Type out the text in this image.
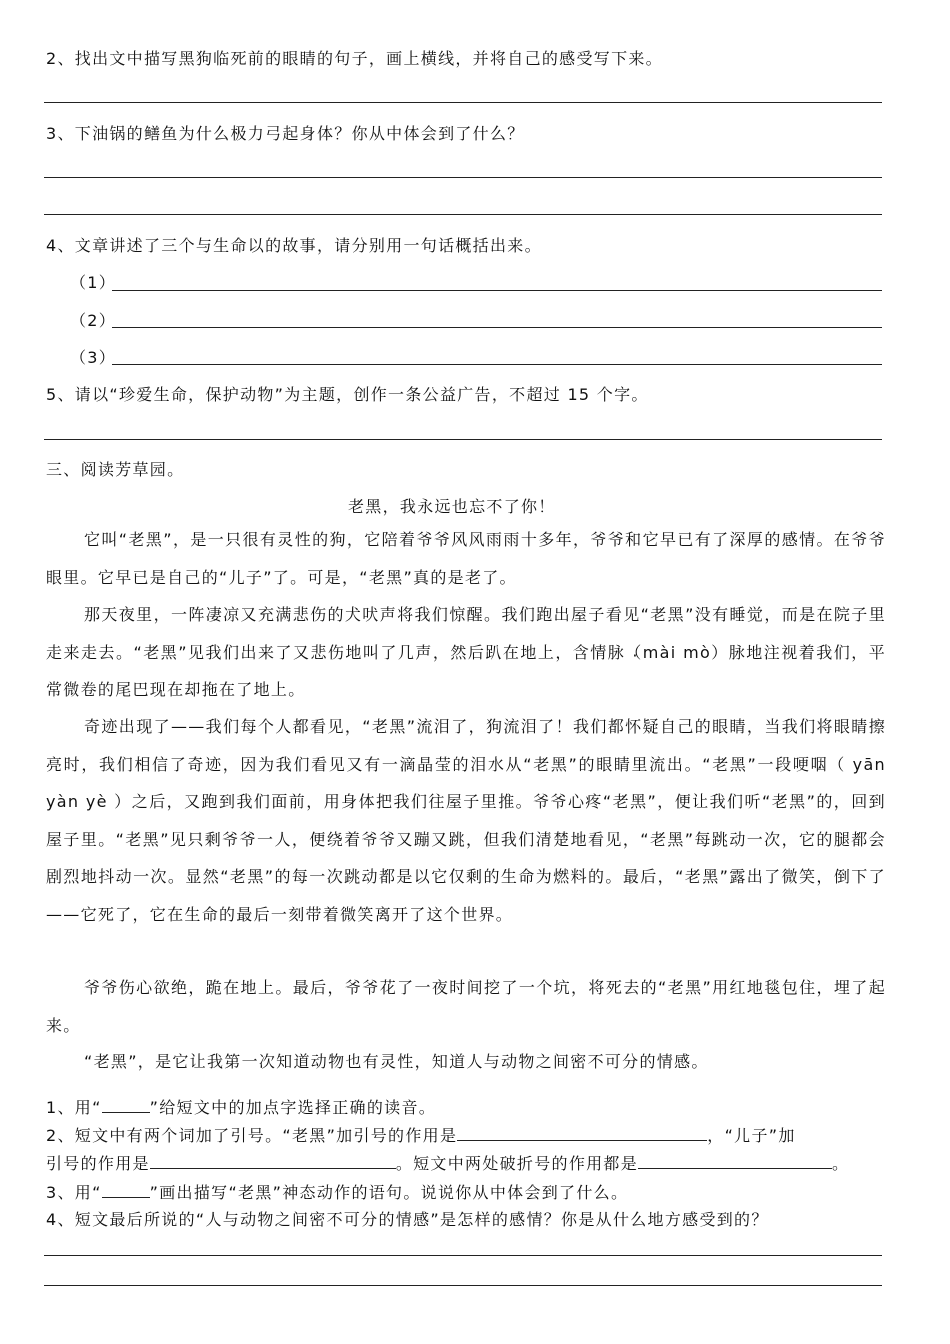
2、找出文中描写黑狗临死前的眼睛的句子，画上横线，并将自己的感受写下来。
3、下油锅的鳝鱼为什么极力弓起身体？你从中体会到了什么？
4、文章讲述了三个与生命以的故事，请分别用一句话概括出来。
（1）
（2）
（3）
5、请以“珍爱生命，保护动物”为主题，创作一条公益广告，不超过 15 个字。
三、阅读芳草园。
老黑，我永远也忘不了你！
它叫“老黑”，是一只很有灵性的狗，它陪着爷爷风风雨雨十多年，爷爷和它早已有了深厚的感情。在爷爷眼里。它早已是自己的“儿子”了。可是，“老黑”真的是老了。
那天夜里，一阵凄凉又充满悲伤的犬吠声将我们惊醒。我们跑出屋子看见“老黑”没有睡觉，而是在院子里走来走去。“老黑”见我们出来了又悲伤地叫了几声，然后趴在地上，含情脉 ·（mài mò）脉地注视着我们，平常微卷的尾巴现在却拖在了地上。
奇迹出现了——我们每个人都看见，“老黑”流泪了，狗流泪了！我们都怀疑自己的眼睛，当我们将眼睛擦亮时，我们相信了奇迹，因为我们看见又有一滴晶莹的泪水从“老黑”的眼睛里流出。“老黑”一段哽 ·咽（ yān yàn yè ）之后，又跑到我们面前，用身体把我们往屋子里推。爷爷心疼“老黑”，便让我们听“老黑”的，回到屋子里。“老黑”见只剩爷爷一人，便绕着爷爷又蹦又跳，但我们清楚地看见，“老黑”每跳动一次，它的腿都会剧烈地抖动一次。显然“老黑”的每一次跳动都是以它仅剩的生命为燃料的。最后，“老黑”露出了微笑，倒下了——它死了，它在生命的最后一刻带着微笑离开了这个世界。
爷爷伤心欲绝，跪在地上。最后，爷爷花了一夜时间挖了一个坑，将死去的“老黑”用红地毯包住，埋了起来。
“老黑”，是它让我第一次知道动物也有灵性，知道人与动物之间密不可分的情感。
1、用“	”给短文中的加点字选择正确的读音。
2、短文中有两个词加了引号。“老黑”加引号的作用是	，“儿子”加
引号的作用是	。短文中两处破折号的作用都是	。
3、用“	”画出描写“老黑”神态动作的语句。说说你从中体会到了什么。
4、短文最后所说的“人与动物之间密不可分的情感”是怎样的感情？你是从什么地方感受到的？
